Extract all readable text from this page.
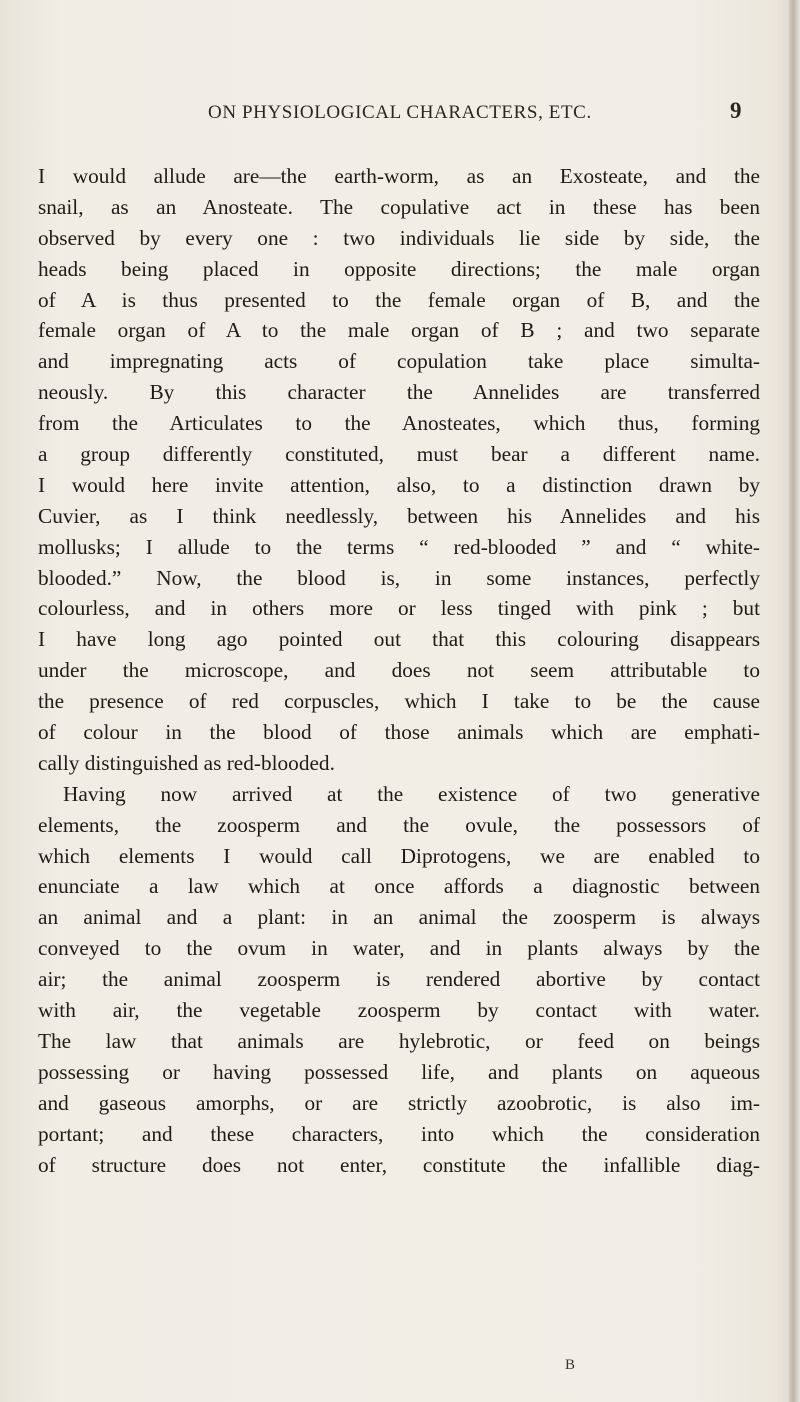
ON PHYSIOLOGICAL CHARACTERS, ETC.	9
I would allude are—the earth-worm, as an Exosteate, and the
snail, as an Anosteate. The copulative act in these has been
observed by every one : two individuals lie side by side, the
heads being placed in opposite directions; the male organ
of A is thus presented to the female organ of B, and the
female organ of A to the male organ of B ; and two separate
and impregnating acts of copulation take place simulta-
neously. By this character the Annelides are transferred
from the Articulates to the Anosteates, which thus, forming
a group differently constituted, must bear a different name.
I would here invite attention, also, to a distinction drawn by
Cuvier, as I think needlessly, between his Annelides and his
mollusks; I allude to the terms “ red-blooded ” and “ white-
blooded.” Now, the blood is, in some instances, perfectly
colourless, and in others more or less tinged with pink ; but
I have long ago pointed out that this colouring disappears
under the microscope, and does not seem attributable to
the presence of red corpuscles, which I take to be the cause
of colour in the blood of those animals which are emphati-
cally distinguished as red-blooded.
Having now arrived at the existence of two generative
elements, the zoosperm and the ovule, the possessors of
which elements I would call Diprotogens, we are enabled to
enunciate a law which at once affords a diagnostic between
an animal and a plant: in an animal the zoosperm is always
conveyed to the ovum in water, and in plants always by the
air; the animal zoosperm is rendered abortive by contact
with air, the vegetable zoosperm by contact with water.
The law that animals are hylebrotic, or feed on beings
possessing or having possessed life, and plants on aqueous
and gaseous amorphs, or are strictly azoobrotic, is also im-
portant; and these characters, into which the consideration
of structure does not enter, constitute the infallible diag-
B
